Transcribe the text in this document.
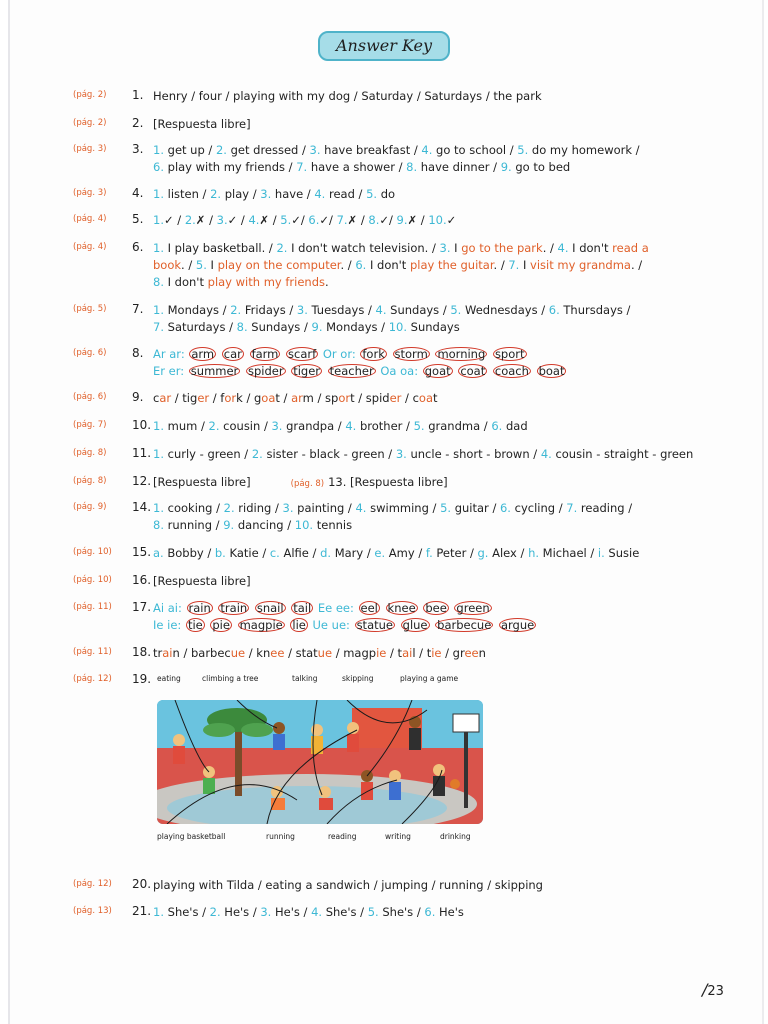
Answer Key
(pág. 2) 1. Henry / four / playing with my dog / Saturday / Saturdays / the park
(pág. 2) 2. [Respuesta libre]
(pág. 3) 3. 1. get up / 2. get dressed / 3. have breakfast / 4. go to school / 5. do my homework /
6. play with my friends / 7. have a shower / 8. have dinner / 9. go to bed
(pág. 3) 4. 1. listen / 2. play / 3. have / 4. read / 5. do
(pág. 4) 5. 1.✓ / 2.✗ / 3.✓ / 4.✗ / 5.✓/ 6.✓/ 7.✗ / 8.✓/ 9.✗ / 10.✓
(pág. 4) 6. 1. I play basketball. / 2. I don't watch television. / 3. I go to the park. / 4. I don't read a
book. / 5. I play on the computer. / 6. I don't play the guitar. / 7. I visit my grandma. /
8. I don't play with my friends.
(pág. 5) 7. 1. Mondays / 2. Fridays / 3. Tuesdays / 4. Sundays / 5. Wednesdays / 6. Thursdays /
7. Saturdays / 8. Sundays / 9. Mondays / 10. Sundays
(pág. 6) 8. Ar ar: arm car farm scarf Or or: fork storm morning sport
Er er: summer spider tiger teacher Oa oa: goat coat coach boat
(pág. 6) 9. car / tiger / fork / goat / arm / sport / spider / coat
(pág. 7) 10. 1. mum / 2. cousin / 3. grandpa / 4. brother / 5. grandma / 6. dad
(pág. 8) 11. 1. curly - green / 2. sister - black - green / 3. uncle - short - brown / 4. cousin - straight - green
(pág. 8) 12. [Respuesta libre]	(pág. 8) 13. [Respuesta libre]
(pág. 9) 14. 1. cooking / 2. riding / 3. painting / 4. swimming / 5. guitar / 6. cycling / 7. reading /
8. running / 9. dancing / 10. tennis
(pág. 10) 15. a. Bobby / b. Katie / c. Alfie / d. Mary / e. Amy / f. Peter / g. Alex / h. Michael / i. Susie
(pág. 10) 16. [Respuesta libre]
(pág. 11) 17. Ai ai: rain train snail tail Ee ee: eel knee bee green
Ie ie: tie pie magpie lie Ue ue: statue glue barbecue argue
(pág. 11) 18. train / barbecue / knee / statue / magpie / tail / tie / green
(pág. 12) 19. eating	climbing a tree	talking	skipping	playing a game
playing basketball	running	reading	writing	drinking
(pág. 12) 20. playing with Tilda / eating a sandwich / jumping / running / skipping
(pág. 13) 21. 1. She's / 2. He's / 3. He's / 4. She's / 5. She's / 6. He's
/23
